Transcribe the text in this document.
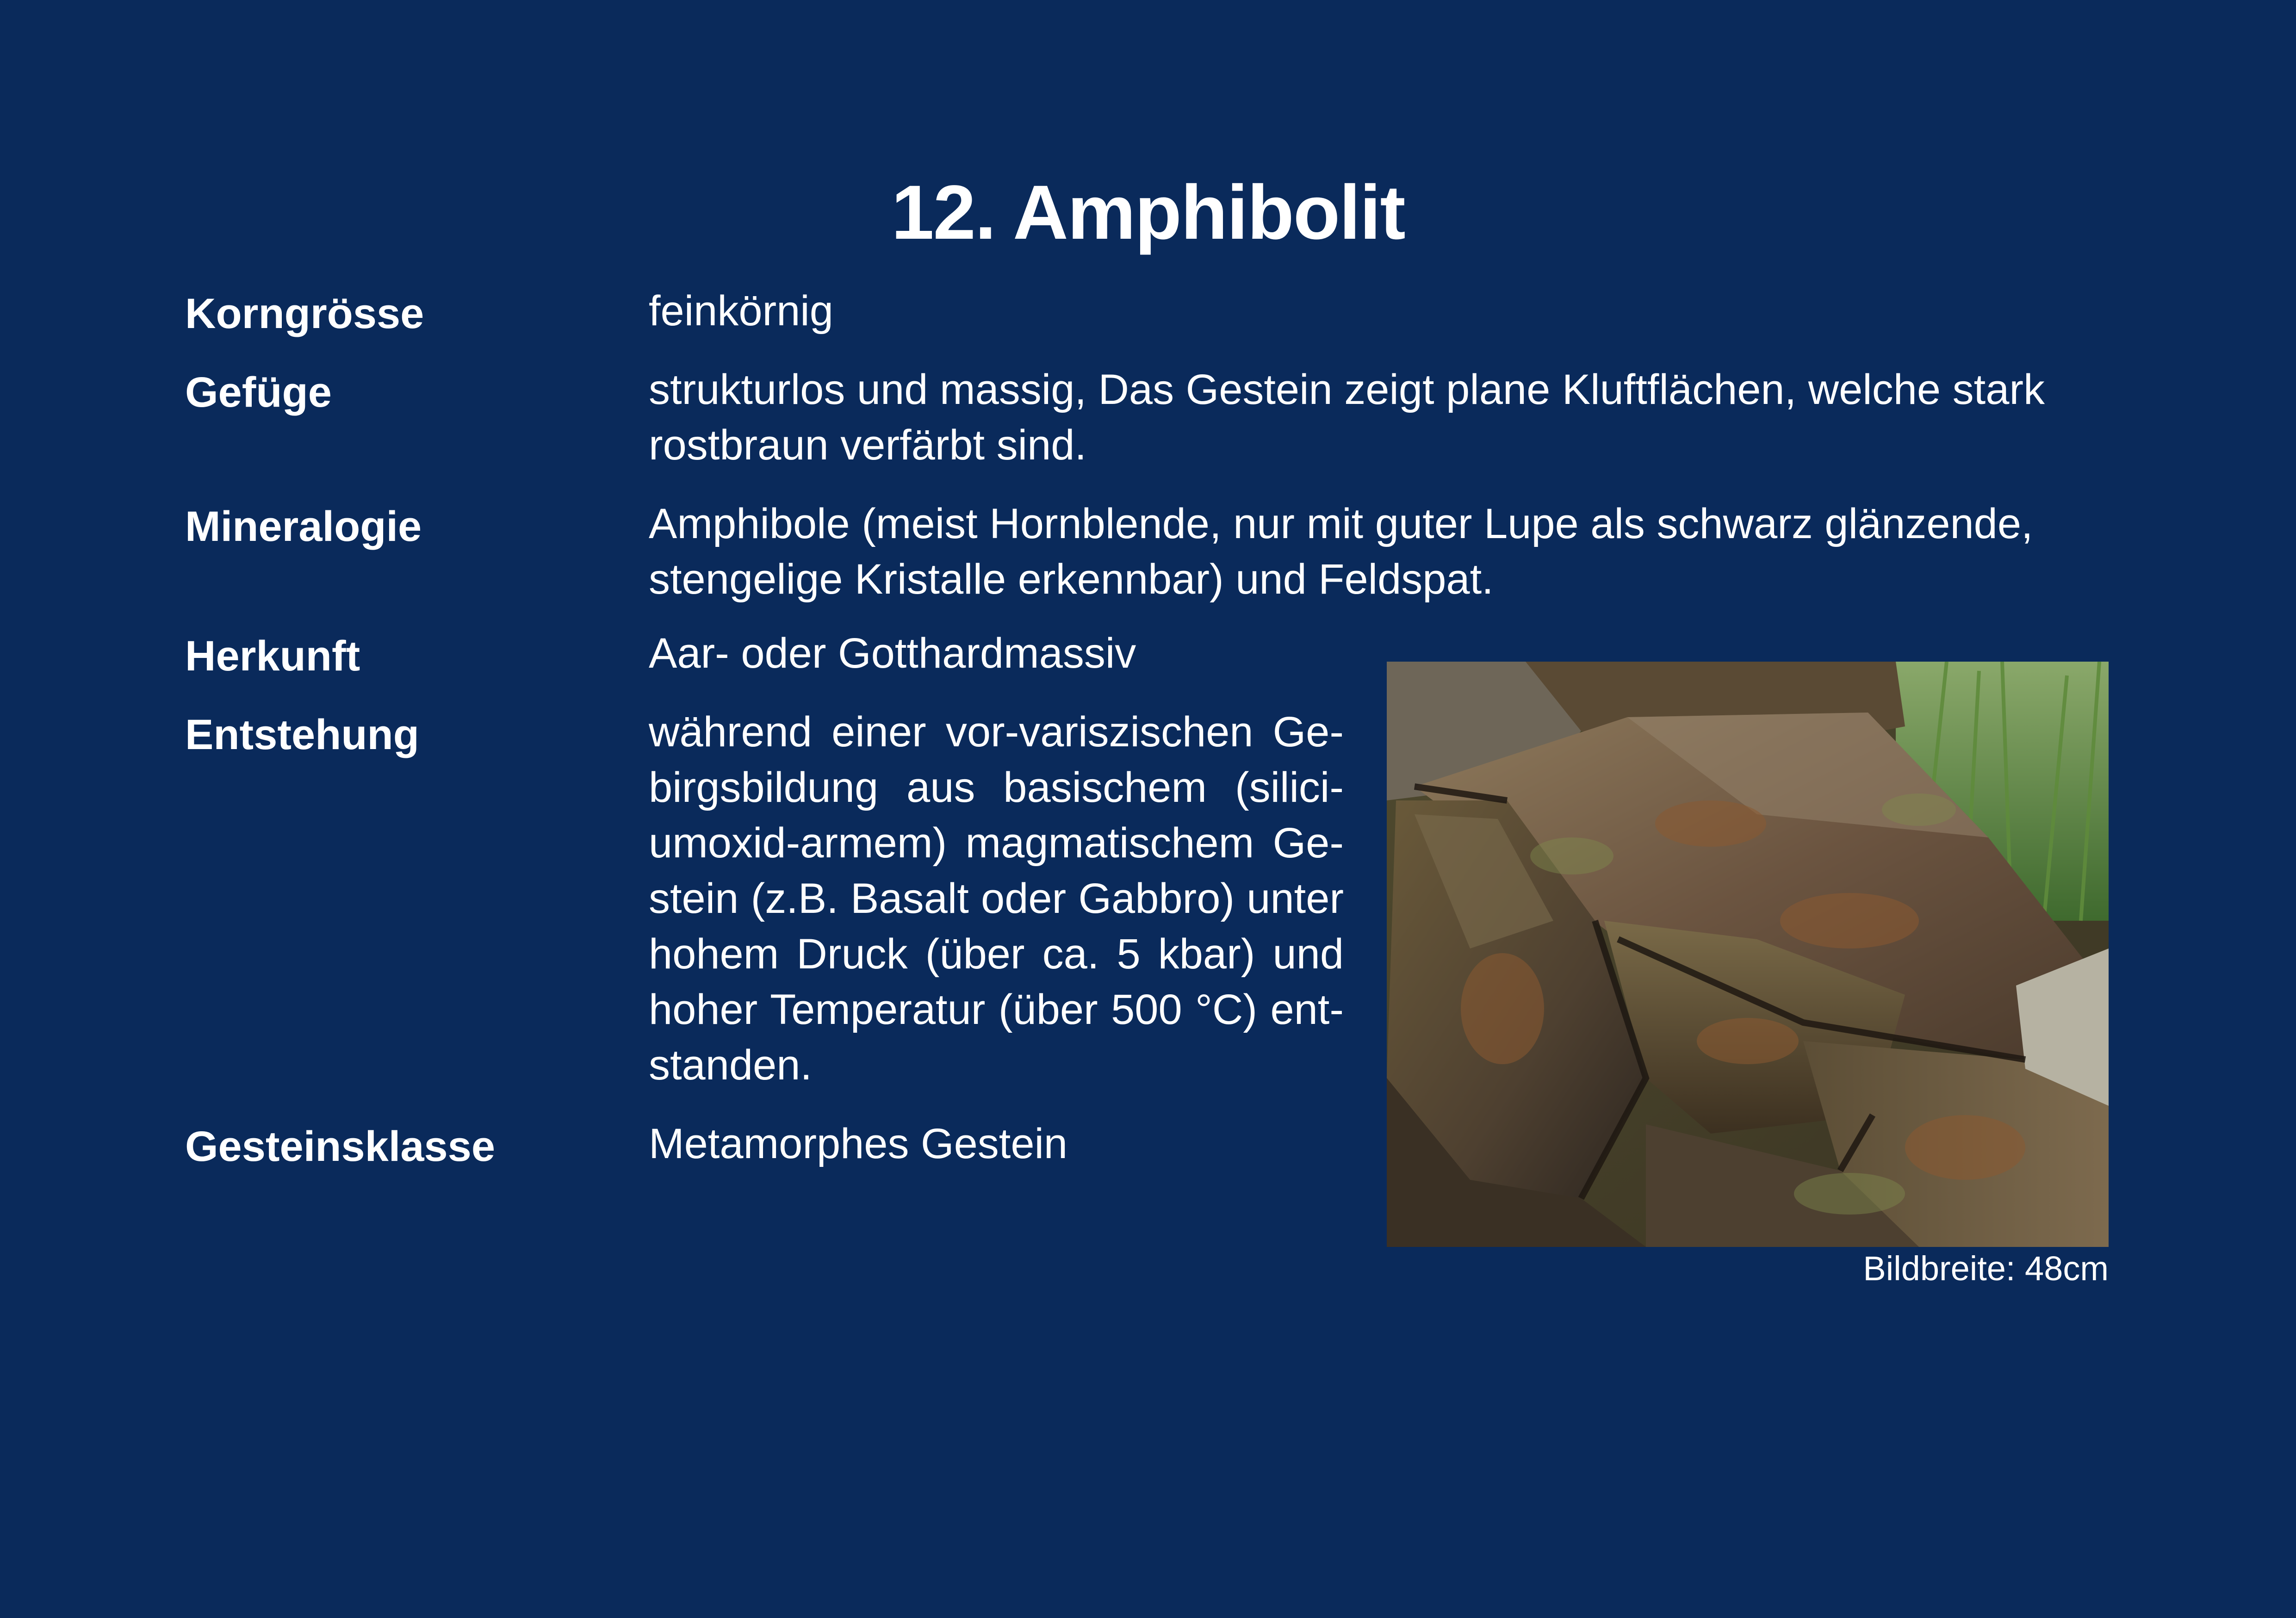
12. Amphibolit
Korngrösse	feinkörnig
Gefüge	strukturlos und massig, Das Gestein zeigt plane Kluftflächen, welche stark rostbraun verfärbt sind.
Mineralogie	Amphibole (meist Hornblende, nur mit guter Lupe als schwarz glänzende, stengelige Kristalle erkennbar) und Feldspat.
Herkunft	Aar- oder Gotthardmassiv
Entstehung	während einer vor-variszischen Gebirgsbildung aus basischem (siliciumoxid-armem) magmatischem Gestein (z.B. Basalt oder Gabbro) unter hohem Druck (über ca. 5 kbar) und hoher Temperatur (über 500 °C) entstanden.
Gesteinsklasse	Metamorphes Gestein
Bildbreite: 48cm
